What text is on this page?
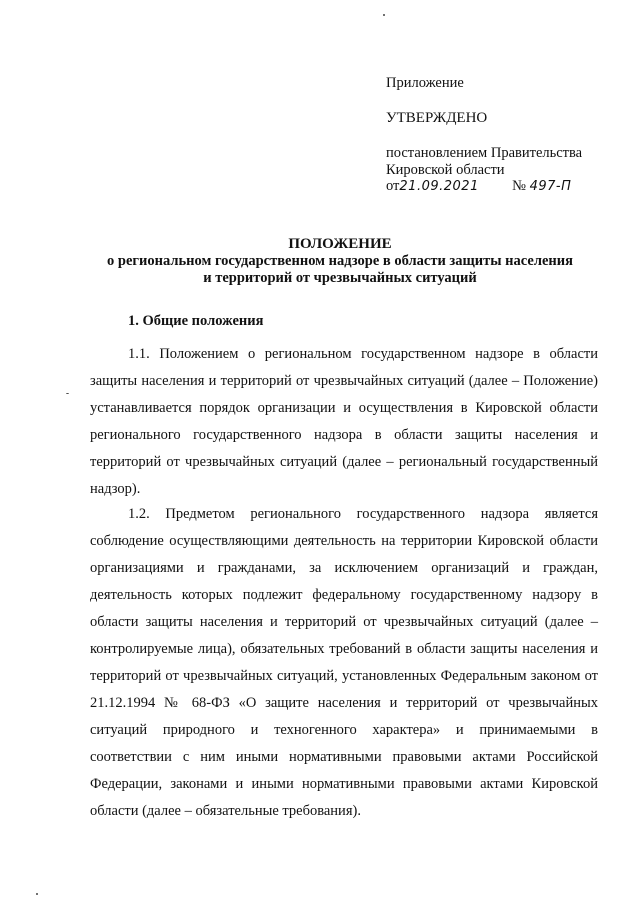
Приложение
УТВЕРЖДЕНО
постановлением Правительства
Кировской области
от21.09.2021 № 497-П
ПОЛОЖЕНИЕ
о региональном государственном надзоре в области защиты населения
и территорий от чрезвычайных ситуаций
1. Общие положения

1.1. Положением о региональном государственном надзоре в области защиты населения и территорий от чрезвычайных ситуаций (далее – Положение) устанавливается порядок организации и осуществления в Кировской области регионального государственного надзора в области защиты населения и территорий от чрезвычайных ситуаций (далее – региональный государственный надзор).

1.2. Предметом регионального государственного надзора является соблюдение осуществляющими деятельность на территории Кировской области организациями и гражданами, за исключением организаций и граждан, деятельность которых подлежит федеральному государственному надзору в области защиты населения и территорий от чрезвычайных ситуаций (далее – контролируемые лица), обязательных требований в области защиты населения и территорий от чрезвычайных ситуаций, установленных Федеральным законом от 21.12.1994 № 68-ФЗ «О защите населения и территорий от чрезвычайных ситуаций природного и техногенного характера» и принимаемыми в соответствии с ним иными нормативными правовыми актами Российской Федерации, законами и иными нормативными правовыми актами Кировской области (далее – обязательные требования).
